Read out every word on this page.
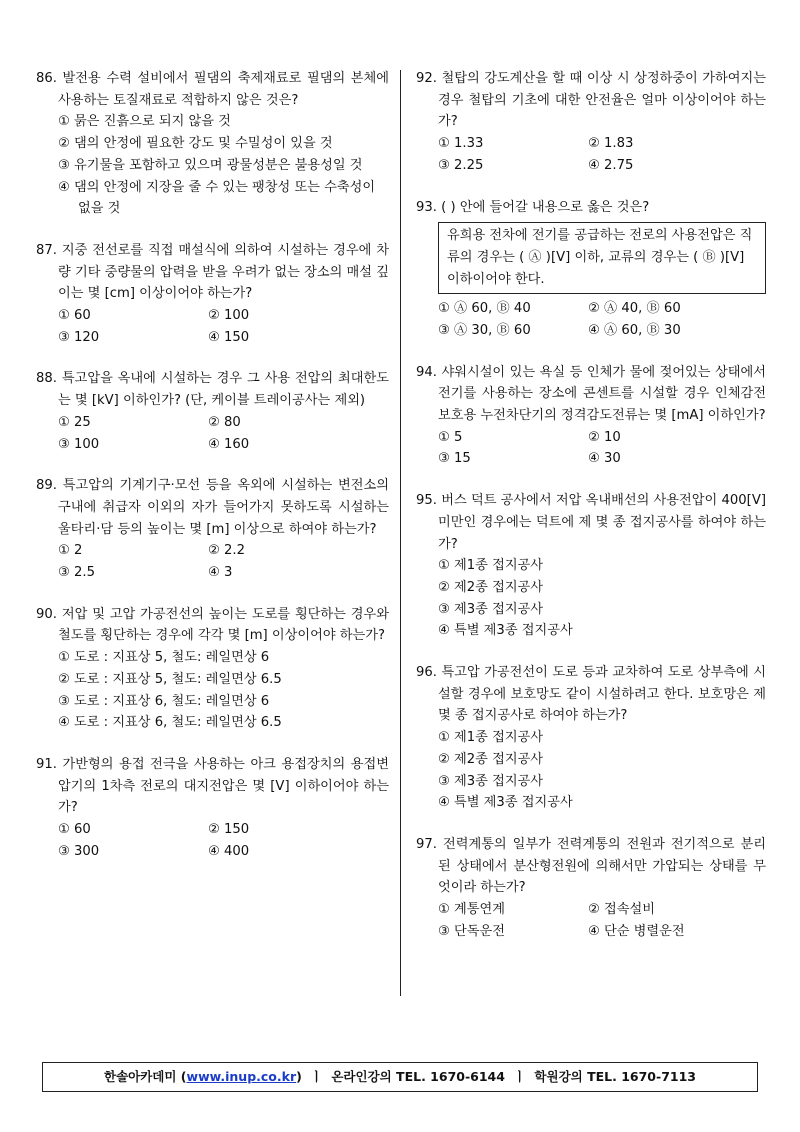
86. 발전용 수력 설비에서 필댐의 축제재료로 필댐의 본체에 사용하는 토질재료로 적합하지 않은 것은?

① 묽은 진흙으로 되지 않을 것
② 댐의 안정에 필요한 강도 및 수밀성이 있을 것
③ 유기물을 포함하고 있으며 광물성분은 불용성일 것
④ 댐의 안정에 지장을 줄 수 있는 팽창성 또는 수축성이 없을 것

87. 지중 전선로를 직접 매설식에 의하여 시설하는 경우에 차량 기타 중량물의 압력을 받을 우려가 없는 장소의 매설 깊이는 몇 [cm] 이상이어야 하는가?

① 60	② 100
③ 120	④ 150

88. 특고압을 옥내에 시설하는 경우 그 사용 전압의 최대한도는 몇 [kV] 이하인가? (단, 케이블 트레이공사는 제외)

① 25	② 80
③ 100	④ 160

89. 특고압의 기계기구·모선 등을 옥외에 시설하는 변전소의 구내에 취급자 이외의 자가 들어가지 못하도록 시설하는 울타리·담 등의 높이는 몇 [m] 이상으로 하여야 하는가?

① 2	② 2.2
③ 2.5	④ 3

90. 저압 및 고압 가공전선의 높이는 도로를 횡단하는 경우와 철도를 횡단하는 경우에 각각 몇 [m] 이상이어야 하는가?

① 도로 : 지표상 5, 철도: 레일면상 6
② 도로 : 지표상 5, 철도: 레일면상 6.5
③ 도로 : 지표상 6, 철도: 레일면상 6
④ 도로 : 지표상 6, 철도: 레일면상 6.5

91. 가반형의 용접 전극을 사용하는 아크 용접장치의 용접변압기의 1차측 전로의 대지전압은 몇 [V] 이하이어야 하는가?

① 60	② 150
③ 300	④ 400

92. 철탑의 강도계산을 할 때 이상 시 상정하중이 가하여지는 경우 철탑의 기초에 대한 안전율은 얼마 이상이어야 하는가?

① 1.33	② 1.83
③ 2.25	④ 2.75

93. ( ) 안에 들어갈 내용으로 옳은 것은?

유희용 전차에 전기를 공급하는 전로의 사용전압은 직류의 경우는 ( Ⓐ )[V] 이하, 교류의 경우는 ( Ⓑ )[V] 이하이어야 한다.
① Ⓐ 60, Ⓑ 40	② Ⓐ 40, Ⓑ 60
③ Ⓐ 30, Ⓑ 60	④ Ⓐ 60, Ⓑ 30

94. 샤워시설이 있는 욕실 등 인체가 물에 젖어있는 상태에서 전기를 사용하는 장소에 콘센트를 시설할 경우 인체감전보호용 누전차단기의 정격감도전류는 몇 [mA] 이하인가?

① 5	② 10
③ 15	④ 30

95. 버스 덕트 공사에서 저압 옥내배선의 사용전압이 400[V] 미만인 경우에는 덕트에 제 몇 종 접지공사를 하여야 하는가?

① 제1종 접지공사
② 제2종 접지공사
③ 제3종 접지공사
④ 특별 제3종 접지공사

96. 특고압 가공전선이 도로 등과 교차하여 도로 상부측에 시설할 경우에 보호망도 같이 시설하려고 한다. 보호망은 제 몇 종 접지공사로 하여야 하는가?

① 제1종 접지공사
② 제2종 접지공사
③ 제3종 접지공사
④ 특별 제3종 접지공사

97. 전력계통의 일부가 전력계통의 전원과 전기적으로 분리된 상태에서 분산형전원에 의해서만 가압되는 상태를 무엇이라 하는가?

① 계통연계	② 접속설비
③ 단독운전	④ 단순 병렬운전
한솔아카데미 (www.inup.co.kr)  ㅣ  온라인강의 TEL. 1670-6144  ㅣ  학원강의 TEL. 1670-7113
